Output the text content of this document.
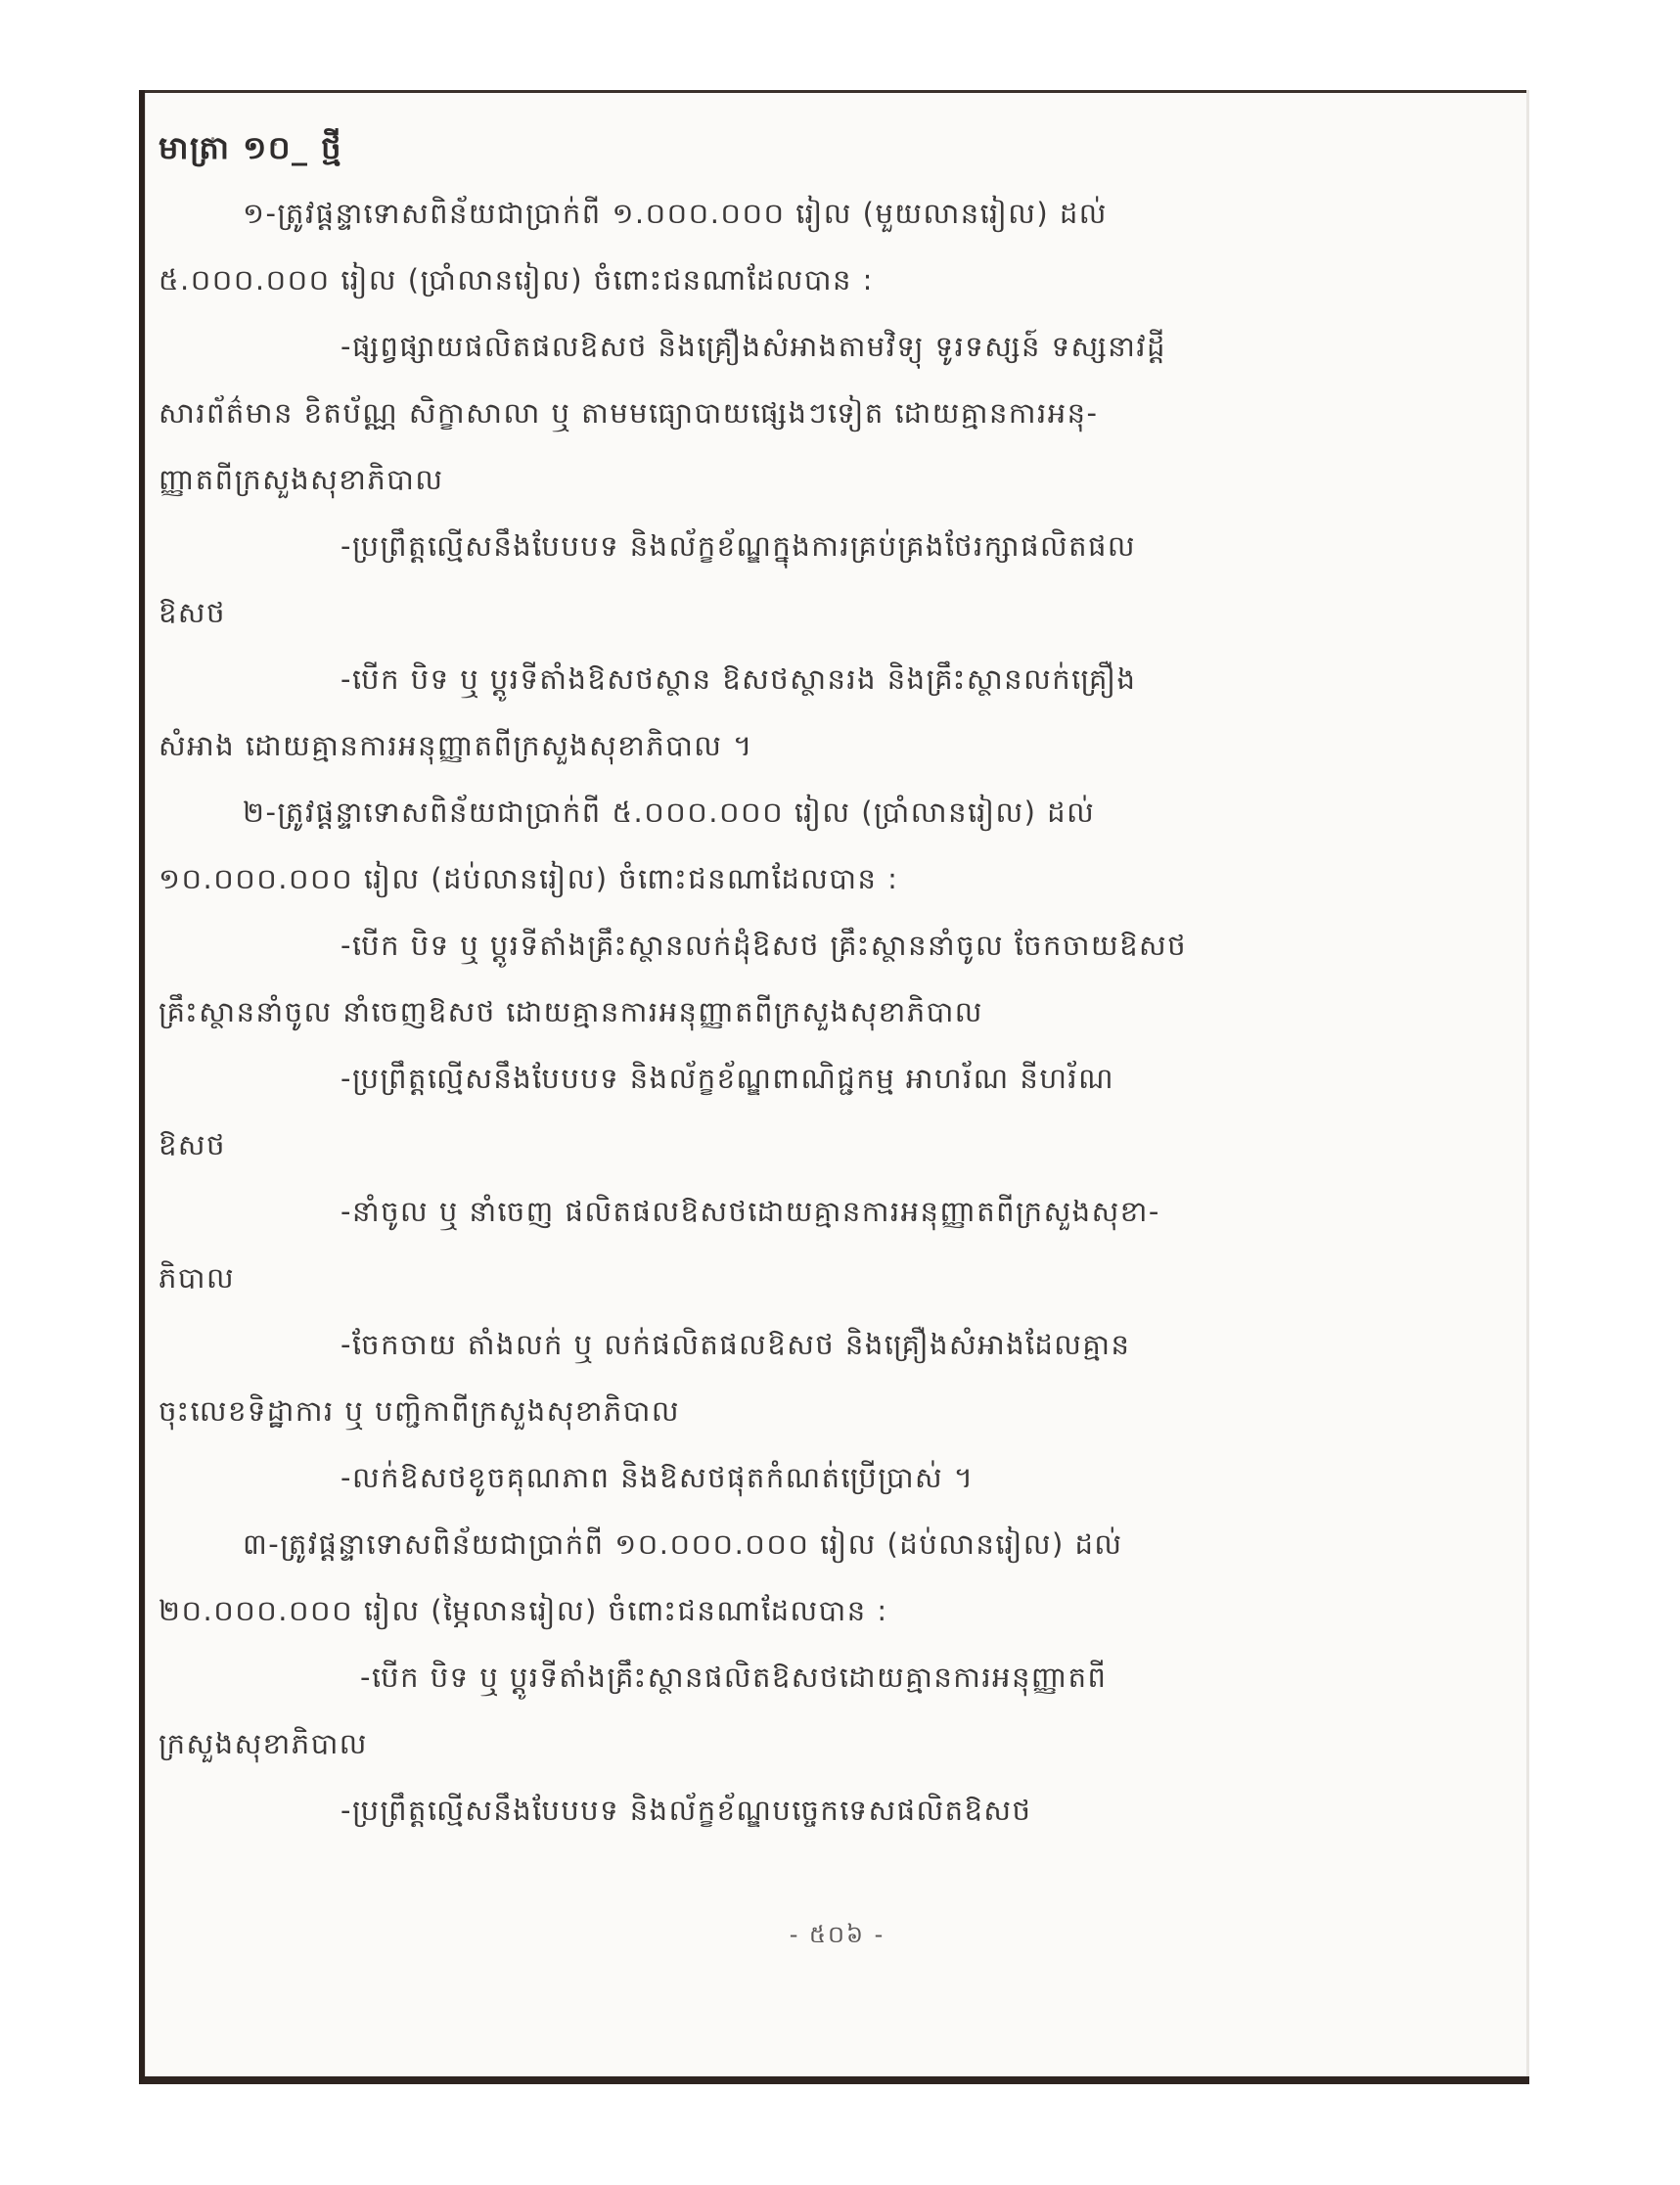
- ៥០៦ -
មាត្រា ១០_ ថ្មី
១-ត្រូវផ្តន្ទាទោសពិន័យជាប្រាក់ពី ១.០០០.០០០ រៀល (មួយលានរៀល) ដល់
៥.០០០.០០០ រៀល (ប្រាំលានរៀល) ចំពោះជនណាដែលបាន :
-ផ្សព្វផ្សាយផលិតផលឱសថ និងគ្រឿងសំអាងតាមវិទ្យុ ទូរទស្សន៍ ទស្សនាវដ្តី
សារព័ត៌មាន ខិតប័ណ្ណ សិក្ខាសាលា ឬ តាមមធ្យោបាយផ្សេងៗទៀត ដោយគ្មានការអនុ-
ញ្ញាតពីក្រសួងសុខាភិបាល
-ប្រព្រឹត្តល្មើសនឹងបែបបទ និងល័ក្ខខ័ណ្ឌក្នុងការគ្រប់គ្រងថែរក្សាផលិតផល
ឱសថ
-បើក បិទ ឬ ប្តូរទីតាំងឱសថស្ថាន ឱសថស្ថានរង និងគ្រឹះស្ថានលក់គ្រឿង
សំអាង ដោយគ្មានការអនុញ្ញាតពីក្រសួងសុខាភិបាល ។
២-ត្រូវផ្តន្ទាទោសពិន័យជាប្រាក់ពី ៥.០០០.០០០ រៀល (ប្រាំលានរៀល) ដល់
១០.០០០.០០០ រៀល (ដប់លានរៀល) ចំពោះជនណាដែលបាន :
-បើក បិទ ឬ ប្តូរទីតាំងគ្រឹះស្ថានលក់ដុំឱសថ គ្រឹះស្ថាននាំចូល ចែកចាយឱសថ
គ្រឹះស្ថាននាំចូល នាំចេញឱសថ ដោយគ្មានការអនុញ្ញាតពីក្រសួងសុខាភិបាល
-ប្រព្រឹត្តល្មើសនឹងបែបបទ និងល័ក្ខខ័ណ្ឌពាណិជ្ជកម្ម អាហរ័ណ នីហរ័ណ
ឱសថ
-នាំចូល ឬ នាំចេញ ផលិតផលឱសថដោយគ្មានការអនុញ្ញាតពីក្រសួងសុខា-
ភិបាល
-ចែកចាយ តាំងលក់ ឬ លក់ផលិតផលឱសថ និងគ្រឿងសំអាងដែលគ្មាន
ចុះលេខទិដ្ឋាការ ឬ បញ្ជិកាពីក្រសួងសុខាភិបាល
-លក់ឱសថខូចគុណភាព និងឱសថផុតកំណត់ប្រើប្រាស់ ។
៣-ត្រូវផ្តន្ទាទោសពិន័យជាប្រាក់ពី ១០.០០០.០០០ រៀល (ដប់លានរៀល) ដល់
២០.០០០.០០០ រៀល (ម្ភៃលានរៀល) ចំពោះជនណាដែលបាន :
-បើក បិទ ឬ ប្តូរទីតាំងគ្រឹះស្ថានផលិតឱសថដោយគ្មានការអនុញ្ញាតពី
ក្រសួងសុខាភិបាល
-ប្រព្រឹត្តល្មើសនឹងបែបបទ និងល័ក្ខខ័ណ្ឌបច្ចេកទេសផលិតឱសថ
